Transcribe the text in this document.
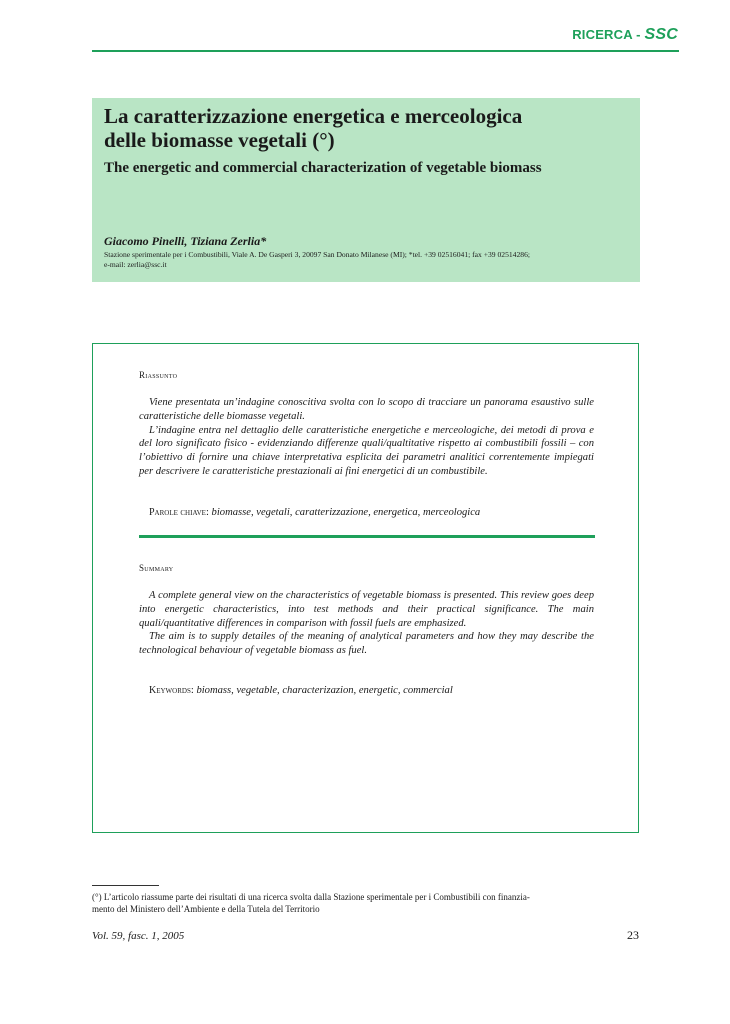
RICERCA - SSC
La caratterizzazione energetica e merceologica
delle biomasse vegetali (°)
The energetic and commercial characterization of vegetable biomass
Giacomo Pinelli, Tiziana Zerlia*
Stazione sperimentale per i Combustibili, Viale A. De Gasperi 3, 20097 San Donato Milanese (MI); *tel. +39 02516041; fax +39 02514286;
e-mail: zerlia@ssc.it
Riassunto

Viene presentata un’indagine conoscitiva svolta con lo scopo di tracciare un panorama esaustivo sulle caratteristiche delle biomasse vegetali.

L’indagine entra nel dettaglio delle caratteristiche energetiche e merceologiche, dei metodi di prova e del loro significato fisico - evidenziando differenze quali/qualtitative rispetto ai combustibili fossili – con l’obiettivo di fornire una chiave interpretativa esplicita dei parametri analitici correntemente impiegati per descrivere le caratteristiche prestazionali ai fini energetici di un combustibile.

Parole chiave: biomasse, vegetali, caratterizzazione, energetica, merceologica
Summary

A complete general view on the characteristics of vegetable biomass is presented. This review goes deep into energetic characteristics, into test methods and their practical significance. The main quali/quantitative differences in comparison with fossil fuels are emphasized.

The aim is to supply detailes of the meaning of analytical parameters and how they may describe the technological behaviour of vegetable biomass as fuel.

Keywords: biomass, vegetable, characterizazion, energetic, commercial
(°) L’articolo riassume parte dei risultati di una ricerca svolta dalla Stazione sperimentale per i Combustibili con finanzia-
mento del Ministero dell’Ambiente e della Tutela del Territorio
Vol. 59, fasc. 1, 2005	23
